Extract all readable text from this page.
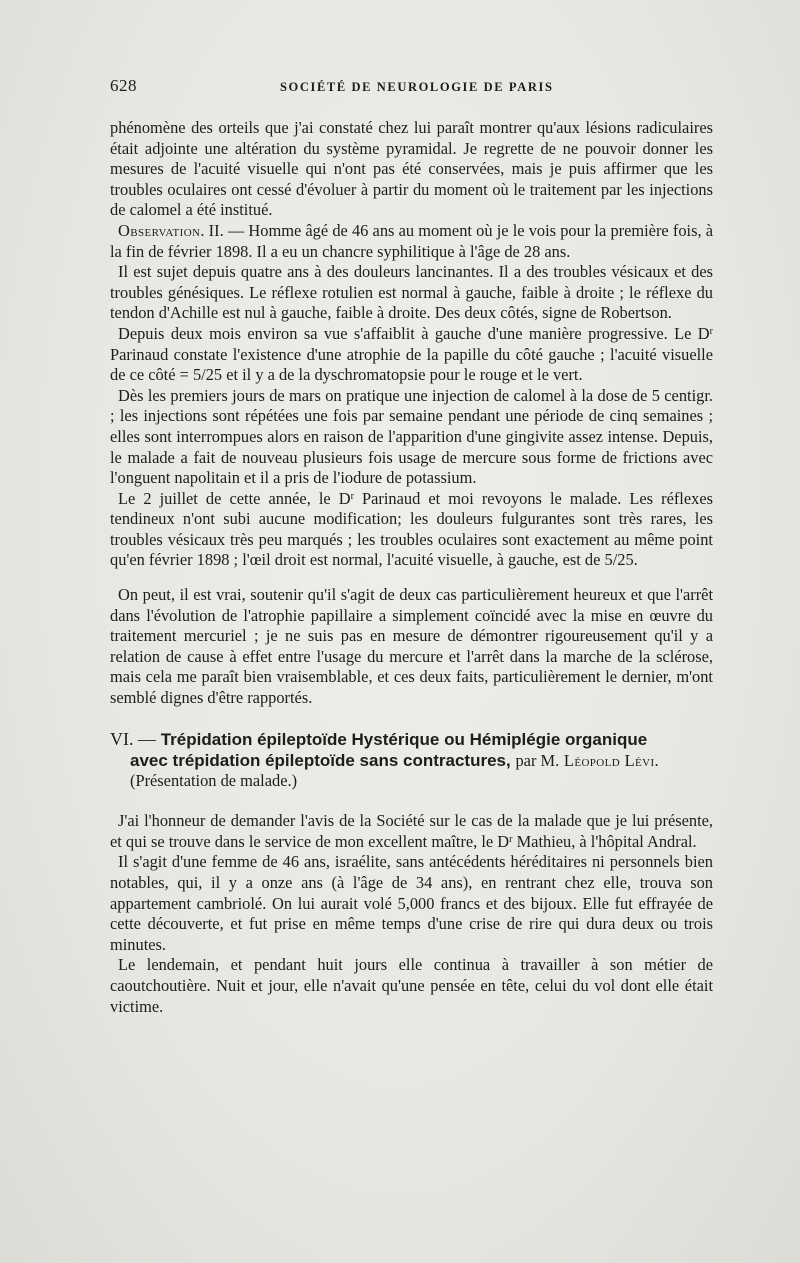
628	SOCIÉTÉ DE NEUROLOGIE DE PARIS

phénomène des orteils que j'ai constaté chez lui paraît montrer qu'aux lésions radiculaires était adjointe une altération du système pyramidal. Je regrette de ne pouvoir donner les mesures de l'acuité visuelle qui n'ont pas été conservées, mais je puis affirmer que les troubles oculaires ont cessé d'évoluer à partir du moment où le traitement par les injections de calomel a été institué.

Observation. II. — Homme âgé de 46 ans au moment où je le vois pour la première fois, à la fin de février 1898. Il a eu un chancre syphilitique à l'âge de 28 ans.

Il est sujet depuis quatre ans à des douleurs lancinantes. Il a des troubles vésicaux et des troubles génésiques. Le réflexe rotulien est normal à gauche, faible à droite ; le réflexe du tendon d'Achille est nul à gauche, faible à droite. Des deux côtés, signe de Robertson.

Depuis deux mois environ sa vue s'affaiblit à gauche d'une manière progressive. Le $D^r$ Parinaud constate l'existence d'une atrophie de la papille du côté gauche ; l'acuité visuelle de ce côté = 5/25 et il y a de la dyschromatopsie pour le rouge et le vert.

Dès les premiers jours de mars on pratique une injection de calomel à la dose de 5 centigr. ; les injections sont répétées une fois par semaine pendant une période de cinq semaines ; elles sont interrompues alors en raison de l'apparition d'une gingivite assez intense. Depuis, le malade a fait de nouveau plusieurs fois usage de mercure sous forme de frictions avec l'onguent napolitain et il a pris de l'iodure de potassium.

Le 2 juillet de cette année, le $D^r$ Parinaud et moi revoyons le malade. Les réflexes tendineux n'ont subi aucune modification; les douleurs fulgurantes sont très rares, les troubles vésicaux très peu marqués ; les troubles oculaires sont exactement au même point qu'en février 1898 ; l'œil droit est normal, l'acuité visuelle, à gauche, est de 5/25.

On peut, il est vrai, soutenir qu'il s'agit de deux cas particulièrement heureux et que l'arrêt dans l'évolution de l'atrophie papillaire a simplement coïncidé avec la mise en œuvre du traitement mercuriel ; je ne suis pas en mesure de démontrer rigoureusement qu'il y a relation de cause à effet entre l'usage du mercure et l'arrêt dans la marche de la sclérose, mais cela me paraît bien vraisemblable, et ces deux faits, particulièrement le dernier, m'ont semblé dignes d'être rapportés.

VI. — Trépidation épileptoïde Hystérique ou Hémiplégie organique
avec trépidation épileptoïde sans contractures, par M. Léopold Lévi.
(Présentation de malade.)

J'ai l'honneur de demander l'avis de la Société sur le cas de la malade que je lui présente, et qui se trouve dans le service de mon excellent maître, le $D^r$ Mathieu, à l'hôpital Andral.

Il s'agit d'une femme de 46 ans, israélite, sans antécédents héréditaires ni personnels bien notables, qui, il y a onze ans (à l'âge de 34 ans), en rentrant chez elle, trouva son appartement cambriolé. On lui aurait volé 5,000 francs et des bijoux. Elle fut effrayée de cette découverte, et fut prise en même temps d'une crise de rire qui dura deux ou trois minutes.

Le lendemain, et pendant huit jours elle continua à travailler à son métier de caoutchoutière. Nuit et jour, elle n'avait qu'une pensée en tête, celui du vol dont elle était victime.
